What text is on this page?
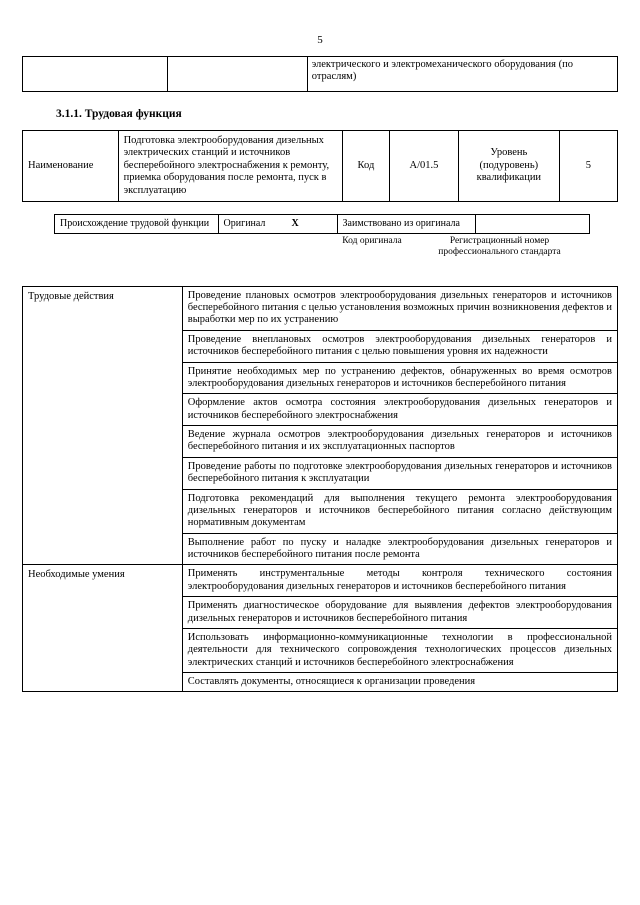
5
		электрического и электромеханического оборудования (по отраслям)
3.1.1. Трудовая функция
Наименование	Подготовка электрооборудования дизельных электрических станций и источников бесперебойного электроснабжения к ремонту, приемка оборудования после ремонта, пуск в эксплуатацию	Код	А/01.5	Уровень (подуровень) квалификации	5
Происхождение трудовой функции	Оригинал	X	Заимствовано из оригинала	
Код оригинала	Регистрационный номер профессионального стандарта
Трудовые действия	Проведение плановых осмотров электрооборудования дизельных генераторов и источников бесперебойного питания с целью установления возможных причин возникновения дефектов и выработки мер по их устранению
	Проведение внеплановых осмотров электрооборудования дизельных генераторов и источников бесперебойного питания с целью повышения уровня их надежности
	Принятие необходимых мер по устранению дефектов, обнаруженных во время осмотров электрооборудования дизельных генераторов и источников бесперебойного питания
	Оформление актов осмотра состояния электрооборудования дизельных генераторов и источников бесперебойного электроснабжения
	Ведение журнала осмотров электрооборудования дизельных генераторов и источников бесперебойного питания и их эксплуатационных паспортов
	Проведение работы по подготовке электрооборудования дизельных генераторов и источников бесперебойного питания к эксплуатации
	Подготовка рекомендаций для выполнения текущего ремонта электрооборудования дизельных генераторов и источников бесперебойного питания согласно действующим нормативным документам
	Выполнение работ по пуску и наладке электрооборудования дизельных генераторов и источников бесперебойного питания после ремонта
Необходимые умения	Применять инструментальные методы контроля технического состояния электрооборудования дизельных генераторов и источников бесперебойного питания
	Применять диагностическое оборудование для выявления дефектов электрооборудования дизельных генераторов и источников бесперебойного питания
	Использовать информационно-коммуникационные технологии в профессиональной деятельности для технического сопровождения технологических процессов дизельных электрических станций и источников бесперебойного электроснабжения
	Составлять документы, относящиеся к организации проведения
